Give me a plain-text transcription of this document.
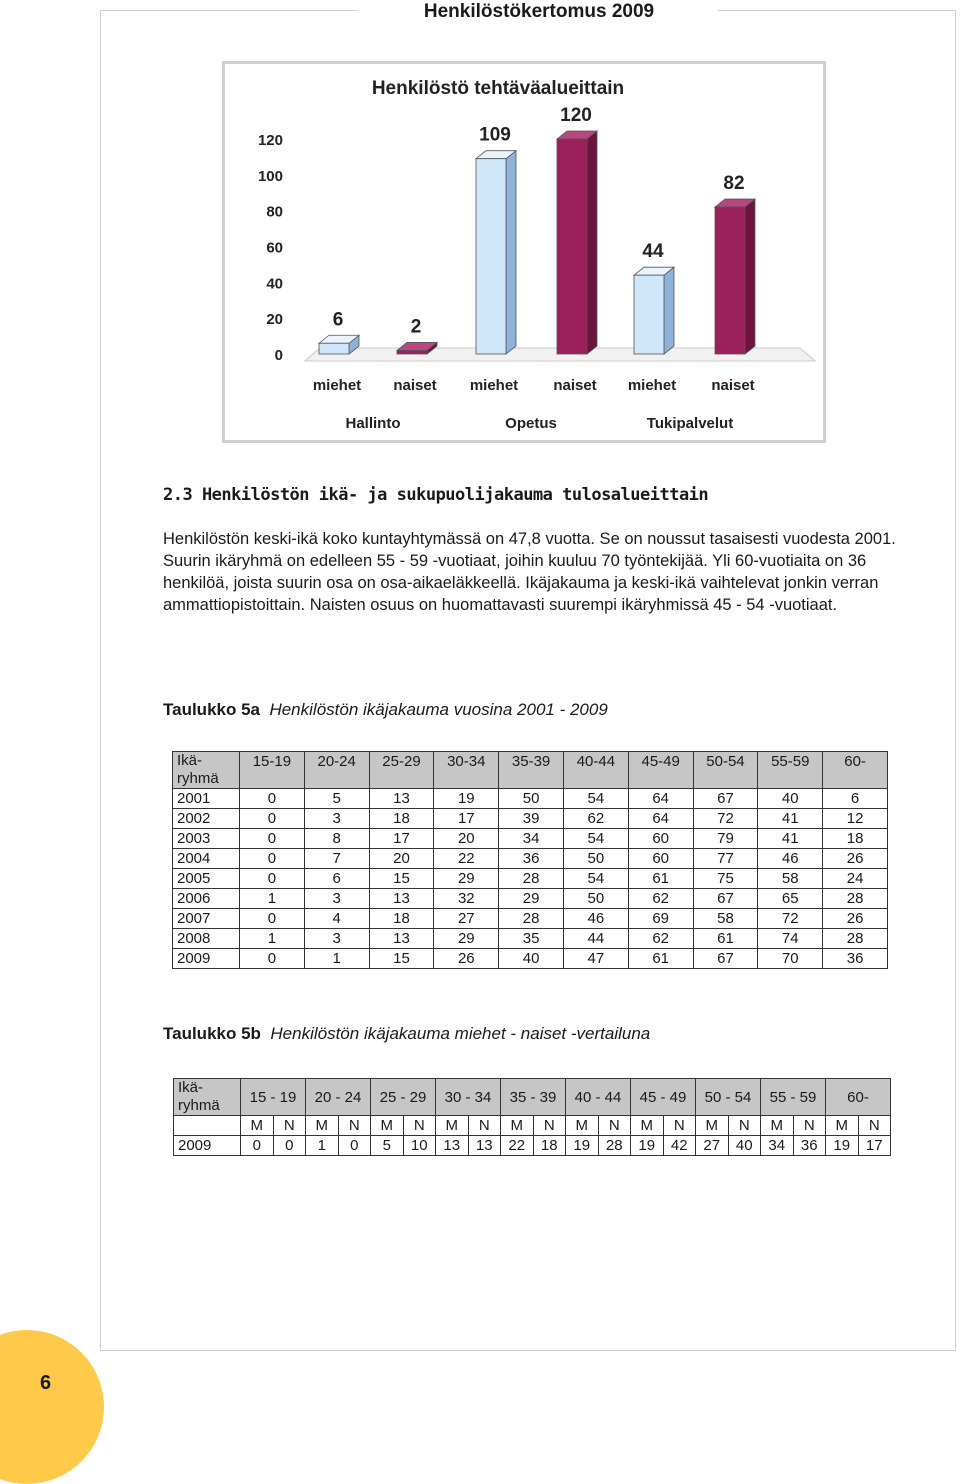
Henkilöstökertomus 2009
Henkilöstö tehtäväalueittain
0
20
40
60
80
100
120
6
miehet
2
naiset
109
miehet
120
naiset
44
miehet
82
naiset
Hallinto	Opetus	Tukipalvelut
2.3 Henkilöstön ikä- ja sukupuolijakauma tulosalueittain
Henkilöstön keski-ikä koko kuntayhtymässä on 47,8 vuotta. Se on noussut tasaisesti vuodesta 2001. Suurin ikäryhmä on edelleen 55 - 59 -vuotiaat, joihin kuuluu 70 työntekijää. Yli 60-vuotiaita on 36 henkilöä, joista suurin osa on osa-aikaeläkkeellä. Ikäjakauma ja keski-ikä vaihtelevat jonkin verran ammattiopistoittain. Naisten osuus on huomattavasti suurempi ikäryhmissä 45 - 54 -vuotiaat.
Taulukko 5a Henkilöstön ikäjakauma vuosina 2001 - 2009
Ikä-
ryhmä	15-19	20-24	25-29	30-34	35-39	40-44	45-49	50-54	55-59	60-
2001	0	5	13	19	50	54	64	67	40	6
2002	0	3	18	17	39	62	64	72	41	12
2003	0	8	17	20	34	54	60	79	41	18
2004	0	7	20	22	36	50	60	77	46	26
2005	0	6	15	29	28	54	61	75	58	24
2006	1	3	13	32	29	50	62	67	65	28
2007	0	4	18	27	28	46	69	58	72	26
2008	1	3	13	29	35	44	62	61	74	28
2009	0	1	15	26	40	47	61	67	70	36
Taulukko 5b Henkilöstön ikäjakauma miehet - naiset -vertailuna
Ikä-
ryhmä	15 - 19		20 - 24		25 - 29		30 - 34		35 - 39		40 - 44		45 - 49		50 - 54		55 - 59		60-	
	M	N	M	N	M	N	M	N	M	N	M	N	M	N	M	N	M	N	M	N
2009	0	0	1	0	5	10	13	13	22	18	19	28	19	42	27	40	34	36	19	17
6
